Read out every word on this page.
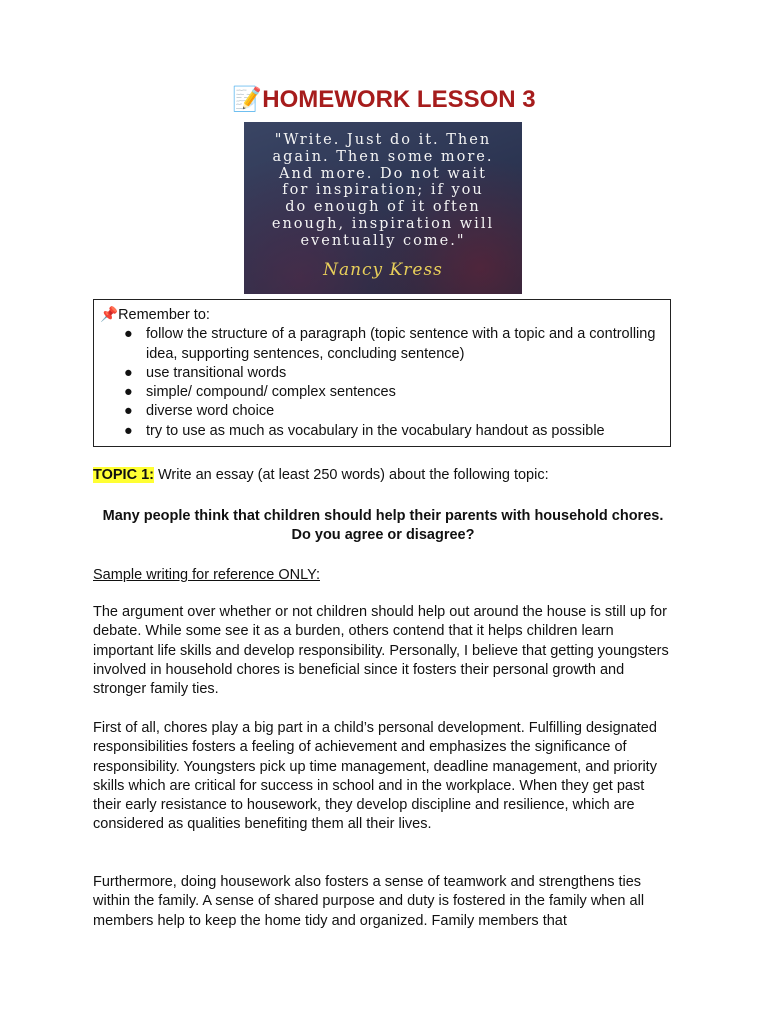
📝HOMEWORK LESSON 3
"Write. Just do it. Then
again. Then some more.
And more. Do not wait
for inspiration; if you
do enough of it often
enough, inspiration will
eventually come."
Nancy Kress
📌Remember to:
● follow the structure of a paragraph (topic sentence with a topic and a controlling idea, supporting sentences, concluding sentence)
● use transitional words
● simple/ compound/ complex sentences
● diverse word choice
● try to use as much as vocabulary in the vocabulary handout as possible
TOPIC 1: Write an essay (at least 250 words) about the following topic:
Many people think that children should help their parents with household chores. Do you agree or disagree?
Sample writing for reference ONLY:
The argument over whether or not children should help out around the house is still up for debate. While some see it as a burden, others contend that it helps children learn important life skills and develop responsibility. Personally, I believe that getting youngsters involved in household chores is beneficial since it fosters their personal growth and stronger family ties.
First of all, chores play a big part in a child’s personal development. Fulfilling designated responsibilities fosters a feeling of achievement and emphasizes the significance of responsibility. Youngsters pick up time management, deadline management, and priority skills which are critical for success in school and in the workplace. When they get past their early resistance to housework, they develop discipline and resilience, which are considered as qualities benefiting them all their lives.
Furthermore, doing housework also fosters a sense of teamwork and strengthens ties within the family. A sense of shared purpose and duty is fostered in the family when all members help to keep the home tidy and organized. Family members that
